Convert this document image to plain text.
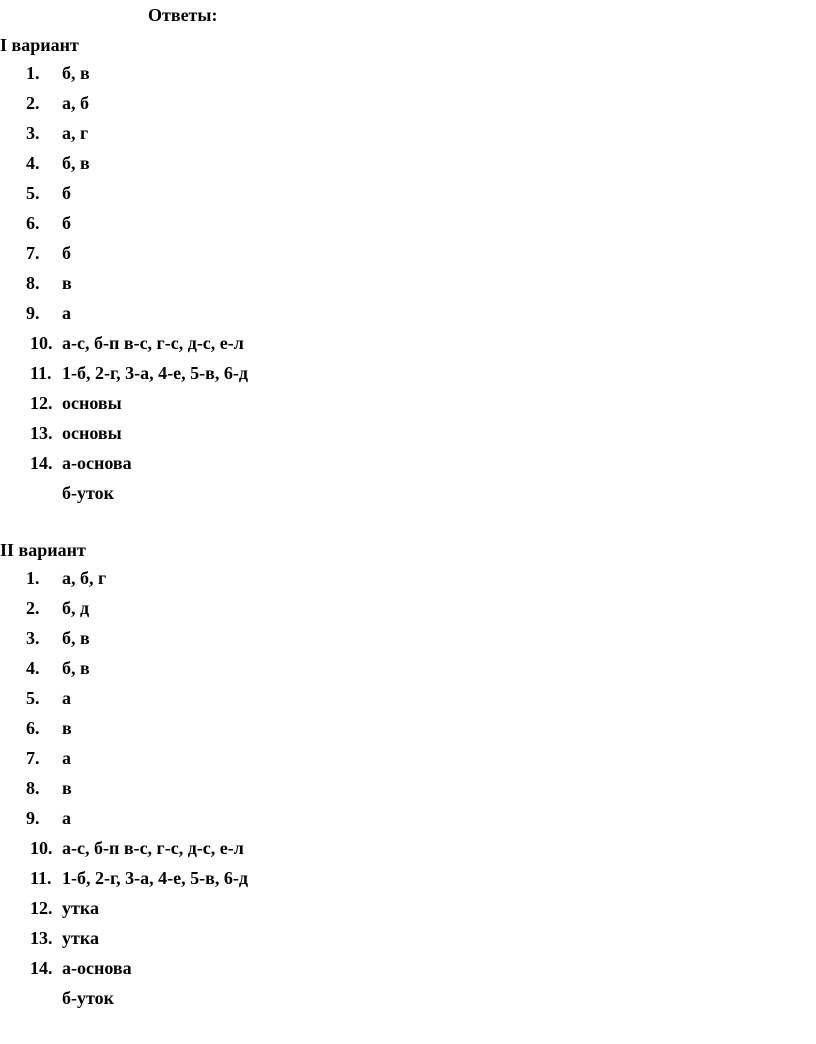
Ответы:
I вариант
1.	б, в
2.	а, б
3.	а, г
4.	б, в
5.	б
6.	б
7.	б
8.	в
9.	а
10. а-с, б-п в-с, г-с, д-с, е-л
11. 1-б, 2-г, 3-а, 4-е, 5-в, 6-д
12. основы
13. основы
14. а-основа
б-уток
II вариант
1.	а, б, г
2.	б, д
3.	б, в
4.	б, в
5.	а
6.	в
7.	а
8.	в
9.	а
10. а-с, б-п в-с, г-с, д-с, е-л
11. 1-б, 2-г, 3-а, 4-е, 5-в, 6-д
12. утка
13. утка
14. а-основа
б-уток
